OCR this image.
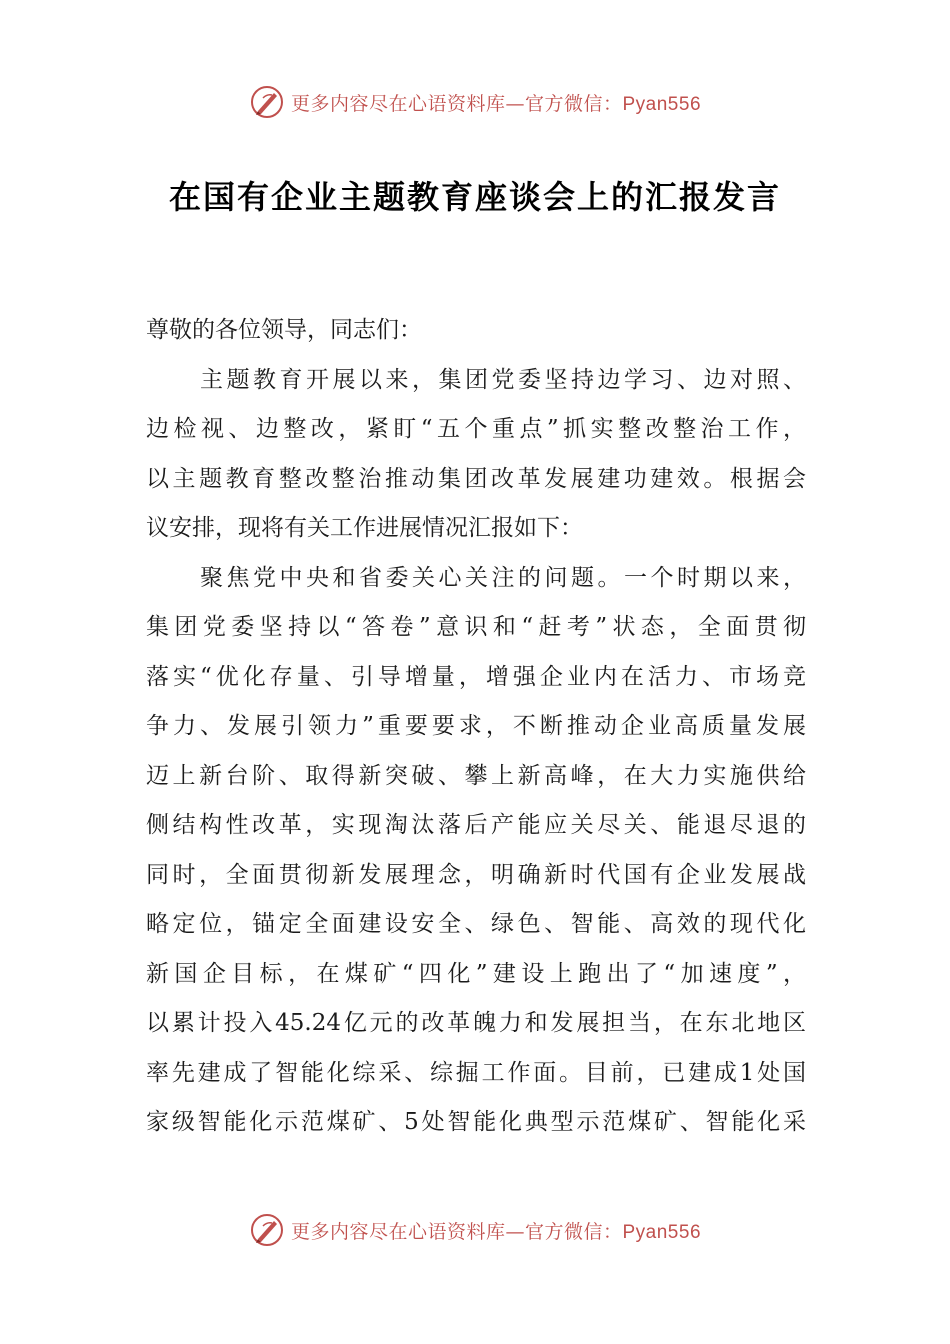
更多内容尽在心语资料库—官方微信：Pyan556
在国有企业主题教育座谈会上的汇报发言
尊敬的各位领导，同志们：
主题教育开展以来，集团党委坚持边学习、边对照、
边检视、边整改，紧盯“五个重点”抓实整改整治工作，
以主题教育整改整治推动集团改革发展建功建效。根据会
议安排，现将有关工作进展情况汇报如下：
聚焦党中央和省委关心关注的问题。一个时期以来，
集团党委坚持以“答卷”意识和“赶考”状态，全面贯彻
落实“优化存量、引导增量，增强企业内在活力、市场竞
争力、发展引领力”重要要求，不断推动企业高质量发展
迈上新台阶、取得新突破、攀上新高峰，在大力实施供给
侧结构性改革，实现淘汰落后产能应关尽关、能退尽退的
同时，全面贯彻新发展理念，明确新时代国有企业发展战
略定位，锚定全面建设安全、绿色、智能、高效的现代化
新国企目标，在煤矿“四化”建设上跑出了“加速度”，
以累计投入45.24亿元的改革魄力和发展担当，在东北地区
率先建成了智能化综采、综掘工作面。目前，已建成1处国
家级智能化示范煤矿、5处智能化典型示范煤矿、智能化采
更多内容尽在心语资料库—官方微信：Pyan556
